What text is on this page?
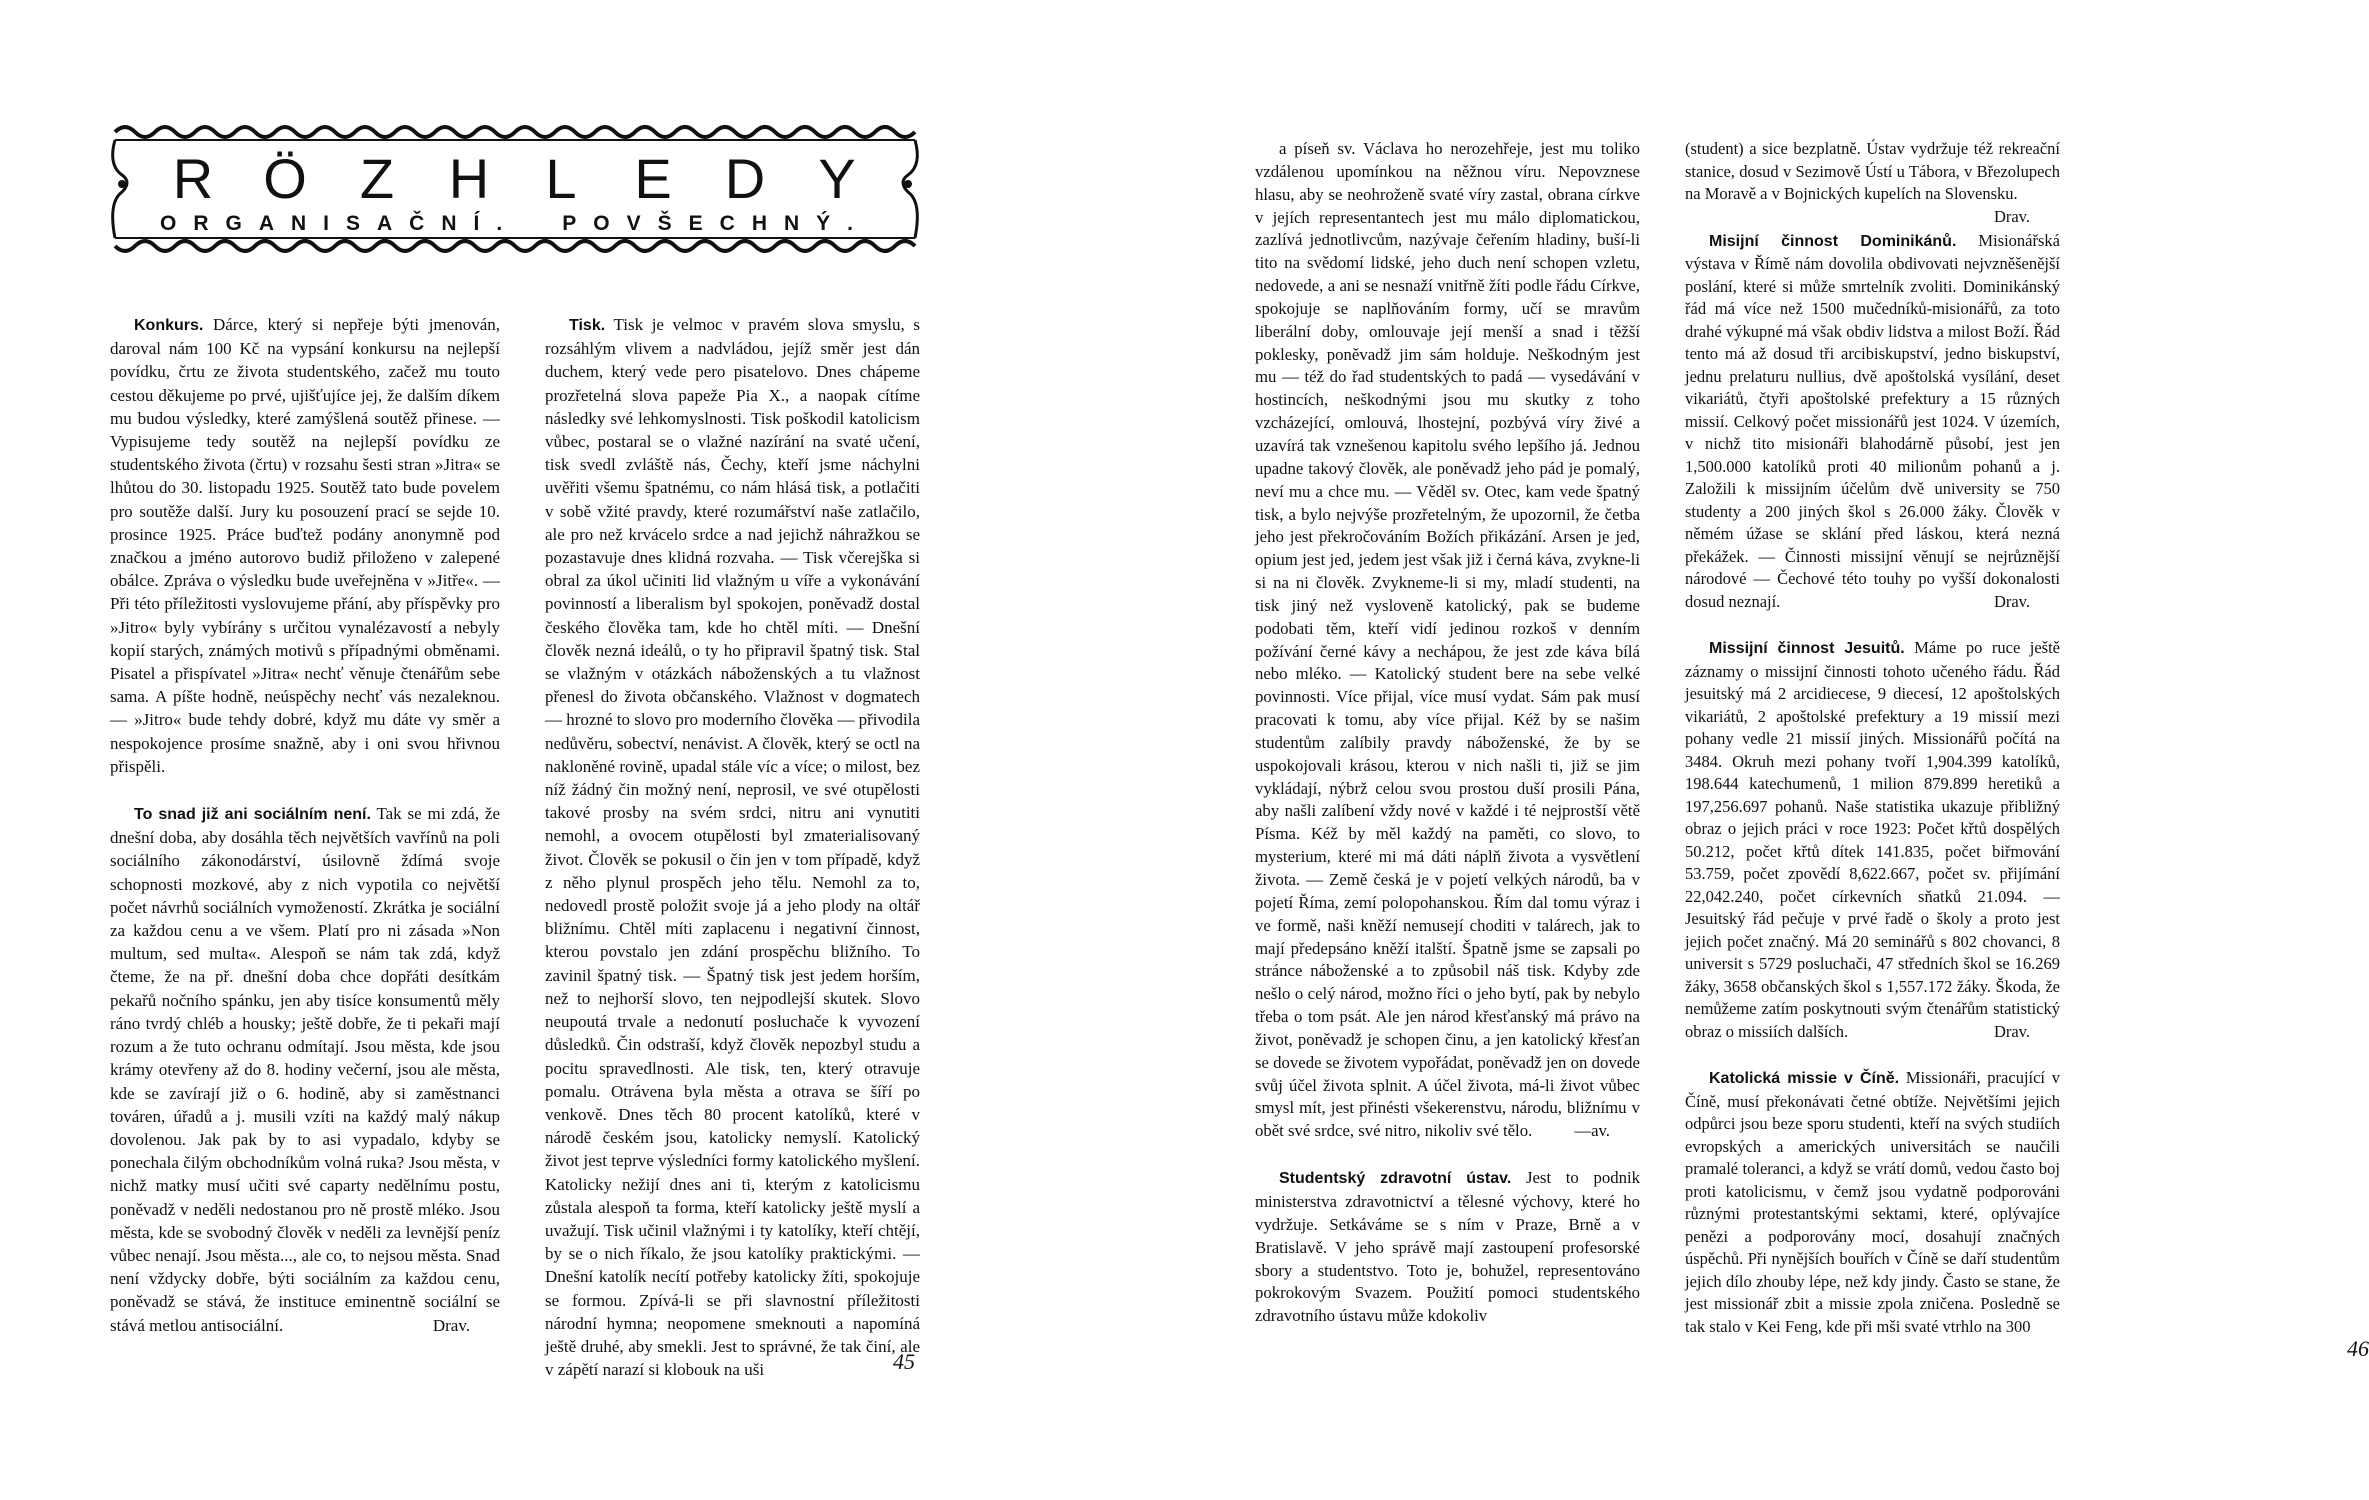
R Ö Z H	L	E D Y
ORGANISAČNÍ. POVŠECHNÝ.

Konkurs. Dárce, který si nepřeje býti jmenován, daroval nám 100 Kč na vypsání konkursu na nejlepší povídku, črtu ze života studentského, začež mu touto cestou děkujeme po prvé, ujišťujíce jej, že dalším díkem mu budou výsledky, které zamýšlená soutěž přinese. — Vypisujeme tedy soutěž na nejlepší povídku ze studentského života (črtu) v rozsahu šesti stran »Jitra« se lhůtou do 30. listopadu 1925. Soutěž tato bude povelem pro soutěže další. Jury ku posouzení prací se sejde 10. prosince 1925. Práce buďtež podány anonymně pod značkou a jméno autorovo budiž přiloženo v zalepené obálce. Zpráva o výsledku bude uveřejněna v »Jitře«. — Při této příležitosti vyslovujeme přání, aby příspěvky pro »Jitro« byly vybírány s určitou vynalézavostí a nebyly kopií starých, známých motivů s případnými obměnami. Pisatel a přispívatel »Jitra« nechť věnuje čtenářům sebe sama. A píšte hodně, neúspěchy nechť vás nezaleknou. — »Jitro« bude tehdy dobré, když mu dáte vy směr a nespokojence prosíme snažně, aby i oni svou hřivnou přispěli.

To snad již ani sociálním není. Tak se mi zdá, že dnešní doba, aby dosáhla těch největších vavřínů na poli sociálního zákonodárství, úsilovně ždímá svoje schopnosti mozkové, aby z nich vypotila co největší počet návrhů sociálních vymožeností. Zkrátka je sociální za každou cenu a ve všem. Platí pro ni zásada »Non multum, sed multa«. Alespoň se nám tak zdá, když čteme, že na př. dnešní doba chce dopřáti desítkám pekařů nočního spánku, jen aby tisíce konsumentů měly ráno tvrdý chléb a housky; ještě dobře, že ti pekaři mají rozum a že tuto ochranu odmítají. Jsou města, kde jsou krámy otevřeny až do 8. hodiny večerní, jsou ale města, kde se zavírají již o 6. hodině, aby si zaměstnanci továren, úřadů a j. musili vzíti na každý malý nákup dovolenou. Jak pak by to asi vypadalo, kdyby se ponechala čilým obchodníkům volná ruka? Jsou města, v nichž matky musí učiti své caparty nedělnímu postu, poněvadž v neděli nedostanou pro ně prostě mléko. Jsou města, kde se svobodný člověk v neděli za levnější peníz vůbec nenají. Jsou města..., ale co, to nejsou města. Snad není vždycky dobře, býti sociálním za každou cenu, poněvadž se stává, že instituce eminentně sociální se stává metlou antisociální.	Drav.

Tisk. Tisk je velmoc v pravém slova smyslu, s rozsáhlým vlivem a nadvládou, jejíž směr jest dán duchem, který vede pero pisatelovo. Dnes chápeme prozřetelná slova papeže Pia X., a naopak cítíme následky své lehkomyslnosti. Tisk poškodil katolicism vůbec, postaral se o vlažné nazírání na svaté učení, tisk svedl zvláště nás, Čechy, kteří jsme náchylni uvěřiti všemu špatnému, co nám hlásá tisk, a potlačiti v sobě vžité pravdy, které rozumářství naše zatlačilo, ale pro než krvácelo srdce a nad jejichž náhražkou se pozastavuje dnes klidná rozvaha. — Tisk včerejška si obral za úkol učiniti lid vlažným u víře a vykonávání povinností a liberalism byl spokojen, poněvadž dostal českého člověka tam, kde ho chtěl míti. — Dnešní člověk nezná ideálů, o ty ho připravil špatný tisk. Stal se vlažným v otázkách náboženských a tu vlažnost přenesl do života občanského. Vlažnost v dogmatech — hrozné to slovo pro moderního člověka — přivodila nedůvěru, sobectví, nenávist. A člověk, který se octl na nakloněné rovině, upadal stále víc a více; o milost, bez níž žádný čin možný není, neprosil, ve své otupělosti takové prosby na svém srdci, nitru ani vynutiti nemohl, a ovocem otupělosti byl zmaterialisovaný život. Člověk se pokusil o čin jen v tom případě, když z něho plynul prospěch jeho tělu. Nemohl za to, nedovedl prostě položit svoje já a jeho plody na oltář bližnímu. Chtěl míti zaplacenu i negativní činnost, kterou povstalo jen zdání prospěchu bližního. To zavinil špatný tisk. — Špatný tisk jest jedem horším, než to nejhorší slovo, ten nejpodlejší skutek. Slovo neupoutá trvale a nedonutí posluchače k vyvození důsledků. Čin odstraší, když člověk nepozbyl studu a pocitu spravedlnosti. Ale tisk, ten, který otravuje pomalu. Otrávena byla města a otrava se šíří po venkově. Dnes těch 80 procent katolíků, které v národě českém jsou, katolicky nemyslí. Katolický život jest teprve výsledníci formy katolického myšlení. Katolicky nežijí dnes ani ti, kterým z katolicismu zůstala alespoň ta forma, kteří katolicky ještě myslí a uvažují. Tisk učinil vlažnými i ty katolíky, kteří chtějí, by se o nich říkalo, že jsou katolíky praktickými. — Dnešní katolík necítí potřeby katolicky žíti, spokojuje se formou. Zpívá-li se při slavnostní příležitosti národní hymna; neopomene smeknouti a napomíná ještě druhé, aby smekli. Jest to správné, že tak činí, ale v zápětí narazí si klobouk na uši	45
46

a píseň sv. Václava ho nerozehřeje, jest mu toliko vzdálenou upomínkou na něžnou víru. Nepovznese hlasu, aby se neohroženě svaté víry zastal, obrana církve v jejích representantech jest mu málo diplomatickou, zazlívá jednotlivcům, nazývaje čeřením hladiny, buší-li tito na svědomí lidské, jeho duch není schopen vzletu, nedovede, a ani se nesnaží vnitřně žíti podle řádu Církve, spokojuje se naplňováním formy, učí se mravům liberální doby, omlouvaje její menší a snad i těžší poklesky, poněvadž jim sám holduje. Neškodným jest mu — též do řad studentských to padá — vysedávání v hostincích, neškodnými jsou mu skutky z toho vzcházející, omlouvá, lhostejní, pozbývá víry živé a uzavírá tak vznešenou kapitolu svého lepšího já. Jednou upadne takový člověk, ale poněvadž jeho pád je pomalý, neví mu a chce mu. — Věděl sv. Otec, kam vede špatný tisk, a bylo nejvýše prozřetelným, že upozornil, že četba jeho jest překročováním Božích přikázání. Arsen je jed, opium jest jed, jedem jest však již i černá káva, zvykne-li si na ni člověk. Zvykneme-li si my, mladí studenti, na tisk jiný než vysloveně katolický, pak se budeme podobati těm, kteří vidí jedinou rozkoš v denním požívání černé kávy a nechápou, že jest zde káva bílá nebo mléko. — Katolický student bere na sebe velké povinnosti. Více přijal, více musí vydat. Sám pak musí pracovati k tomu, aby více přijal. Kéž by se našim studentům zalíbily pravdy náboženské, že by se uspokojovali krásou, kterou v nich našli ti, již se jim vykládají, nýbrž celou svou prostou duší prosili Pána, aby našli zalíbení vždy nové v každé i té nejprostší větě Písma. Kéž by měl každý na paměti, co slovo, to mysterium, které mi má dáti náplň života a vysvětlení života. — Země česká je v pojetí velkých národů, ba v pojetí Říma, zemí polopohanskou. Řím dal tomu výraz i ve formě, naši kněží nemusejí choditi v talárech, jak to mají předepsáno kněží italští. Špatně jsme se zapsali po stránce náboženské a to způsobil náš tisk. Kdyby zde nešlo o celý národ, možno říci o jeho bytí, pak by nebylo třeba o tom psát. Ale jen národ křesťanský má právo na život, poněvadž je schopen činu, a jen katolický křesťan se dovede se životem vypořádat, poněvadž jen on dovede svůj účel života splnit. A účel života, má-li život vůbec smysl mít, jest přinésti všekerenstvu, národu, bližnímu v obět své srdce, své nitro, nikoliv své tělo.	—av.

Studentský zdravotní ústav. Jest to podnik ministerstva zdravotnictví a tělesné výchovy, které ho vydržuje. Setkáváme se s ním v Praze, Brně a v Bratislavě. V jeho správě mají zastoupení profesorské sbory a studentstvo. Toto je, bohužel, representováno pokrokovým Svazem. Použití pomoci studentského zdravotního ústavu může kdokoliv

(student) a sice bezplatně. Ústav vydržuje též rekreační stanice, dosud v Sezimově Ústí u Tábora, v Březolupech na Moravě a v Bojnických kupelích na Slovensku.
Drav.

Misijní činnost Dominikánů. Misionářská výstava v Římě nám dovolila obdivovati nejvzněšenější poslání, které si může smrtelník zvoliti. Dominikánský řád má více než 1500 mučedníků-misionářů, za toto drahé výkupné má však obdiv lidstva a milost Boží. Řád tento má až dosud tři arcibiskupství, jedno biskupství, jednu prelaturu nullius, dvě apoštolská vysílání, deset vikariátů, čtyři apoštolské prefektury a 15 různých missií. Celkový počet missionářů jest 1024. V územích, v nichž tito misionáři blahodárně působí, jest jen 1,500.000 katolíků proti 40 milionům pohanů a j. Založili k missijním účelům dvě university se 750 studenty a 200 jiných škol s 26.000 žáky. Člověk v němém úžase se sklání před láskou, která nezná překážek. — Činnosti missijní věnují se nejrůznější národové — Čechové této touhy po vyšší dokonalosti dosud neznají.	Drav.

Missijní činnost Jesuitů. Máme po ruce ještě záznamy o missijní činnosti tohoto učeného řádu. Řád jesuitský má 2 arcidiecese, 9 diecesí, 12 apoštolských vikariátů, 2 apoštolské prefektury a 19 missií mezi pohany vedle 21 missií jiných. Missionářů počítá na 3484. Okruh mezi pohany tvoří 1,904.399 katolíků, 198.644 katechumenů, 1 milion 879.899 heretiků a 197,256.697 pohanů. Naše statistika ukazuje přibližný obraz o jejich práci v roce 1923: Počet křtů dospělých 50.212, počet křtů dítek 141.835, počet biřmování 53.759, počet zpovědí 8,622.667, počet sv. přijímání 22,042.240, počet církevních sňatků 21.094. — Jesuitský řád pečuje v prvé řadě o školy a proto jest jejich počet značný. Má 20 seminářů s 802 chovanci, 8 universit s 5729 posluchači, 47 středních škol se 16.269 žáky, 3658 občanských škol s 1,557.172 žáky. Škoda, že nemůžeme zatím poskytnouti svým čtenářům statistický obraz o missiích dalších.	Drav.

Katolická missie v Číně. Missionáři, pracující v Číně, musí překonávati četné obtíže. Největšími jejich odpůrci jsou beze sporu studenti, kteří na svých studiích evropských a amerických universitách se naučili pramalé toleranci, a když se vrátí domů, vedou často boj proti katolicismu, v čemž jsou vydatně podporováni různými protestantskými sektami, které, oplývajíce penězi a podporovány mocí, dosahují značných úspěchů. Při nynějších bouřích v Číně se daří studentům jejich dílo zhouby lépe, než kdy jindy. Často se stane, že jest missionář zbit a missie zpola zničena. Posledně se tak stalo v Kei Feng, kde při mši svaté vtrhlo na 300
